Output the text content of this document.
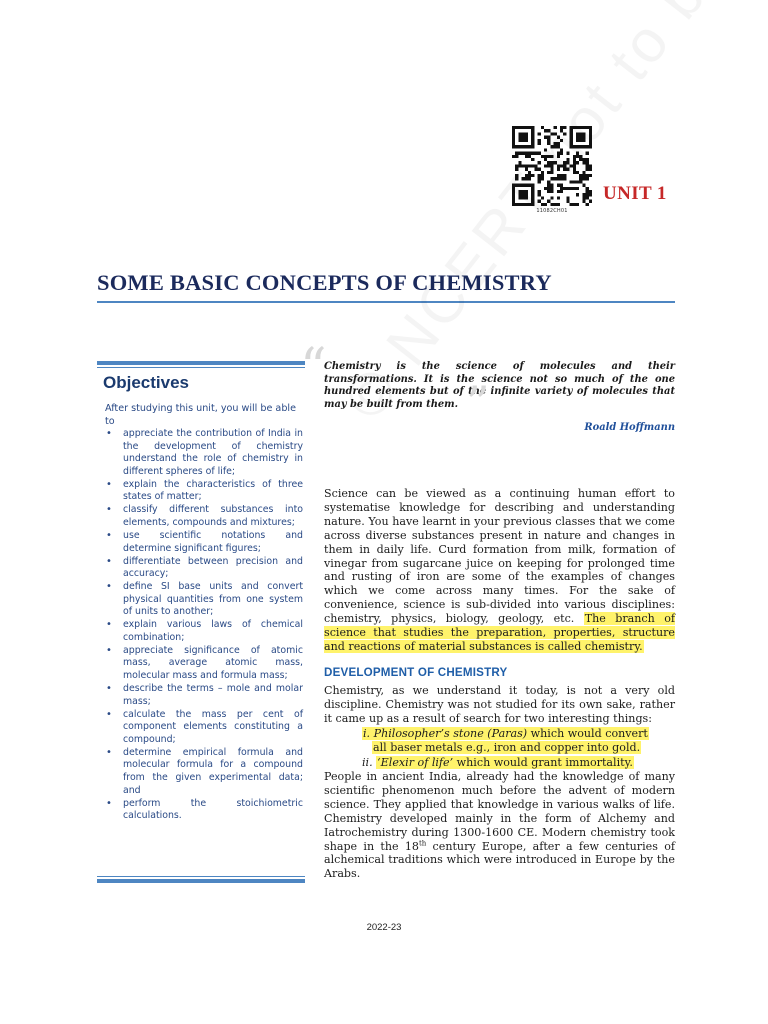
11082CH01
UNIT 1
SOME BASIC CONCEPTS OF CHEMISTRY
Objectives
After studying this unit, you will be able to
• appreciate the contribution of India in the development of chemistry understand the role of chemistry in different spheres of life;
• explain the characteristics of three states of matter;
• classify different substances into elements, compounds and mixtures;
• use scientific notations and determine significant figures;
• differentiate between precision and accuracy;
• define SI base units and convert physical quantities from one system of units to another;
• explain various laws of chemical combination;
• appreciate significance of atomic mass, average atomic mass, molecular mass and formula mass;
• describe the terms – mole and molar mass;
• calculate the mass per cent of component elements constituting a compound;
• determine empirical formula and molecular formula for a compound from the given experimental data; and
• perform the stoichiometric calculations.
“
Chemistry is the science of molecules and their transformations. It is the science not so much of the one hundred elements but of the infinite variety of molecules that may be built from them. ”	Roald Hoffmann
Science can be viewed as a continuing human effort to systematise knowledge for describing and understanding nature. You have learnt in your previous classes that we come across diverse substances present in nature and changes in them in daily life. Curd formation from milk, formation of vinegar from sugarcane juice on keeping for prolonged time and rusting of iron are some of the examples of changes which we come across many times. For the sake of convenience, science is sub-divided into various disciplines: chemistry, physics, biology, geology, etc. The branch of science that studies the preparation, properties, structure and reactions of material substances is called chemistry.
DEVELOPMENT OF CHEMISTRY
Chemistry, as we understand it today, is not a very old discipline. Chemistry was not studied for its own sake, rather it came up as a result of search for two interesting things:
i. Philosopher’s stone (Paras) which would convert
all baser metals e.g., iron and copper into gold.
ii. ‘Elexir of life’ which would grant immortality.
People in ancient India, already had the knowledge of many scientific phenomenon much before the advent of modern science. They applied that knowledge in various walks of life. Chemistry developed mainly in the form of Alchemy and Iatrochemistry during 1300-1600 CE. Modern chemistry took shape in the 18th century Europe, after a few centuries of alchemical traditions which were introduced in Europe by the Arabs.
2022-23
